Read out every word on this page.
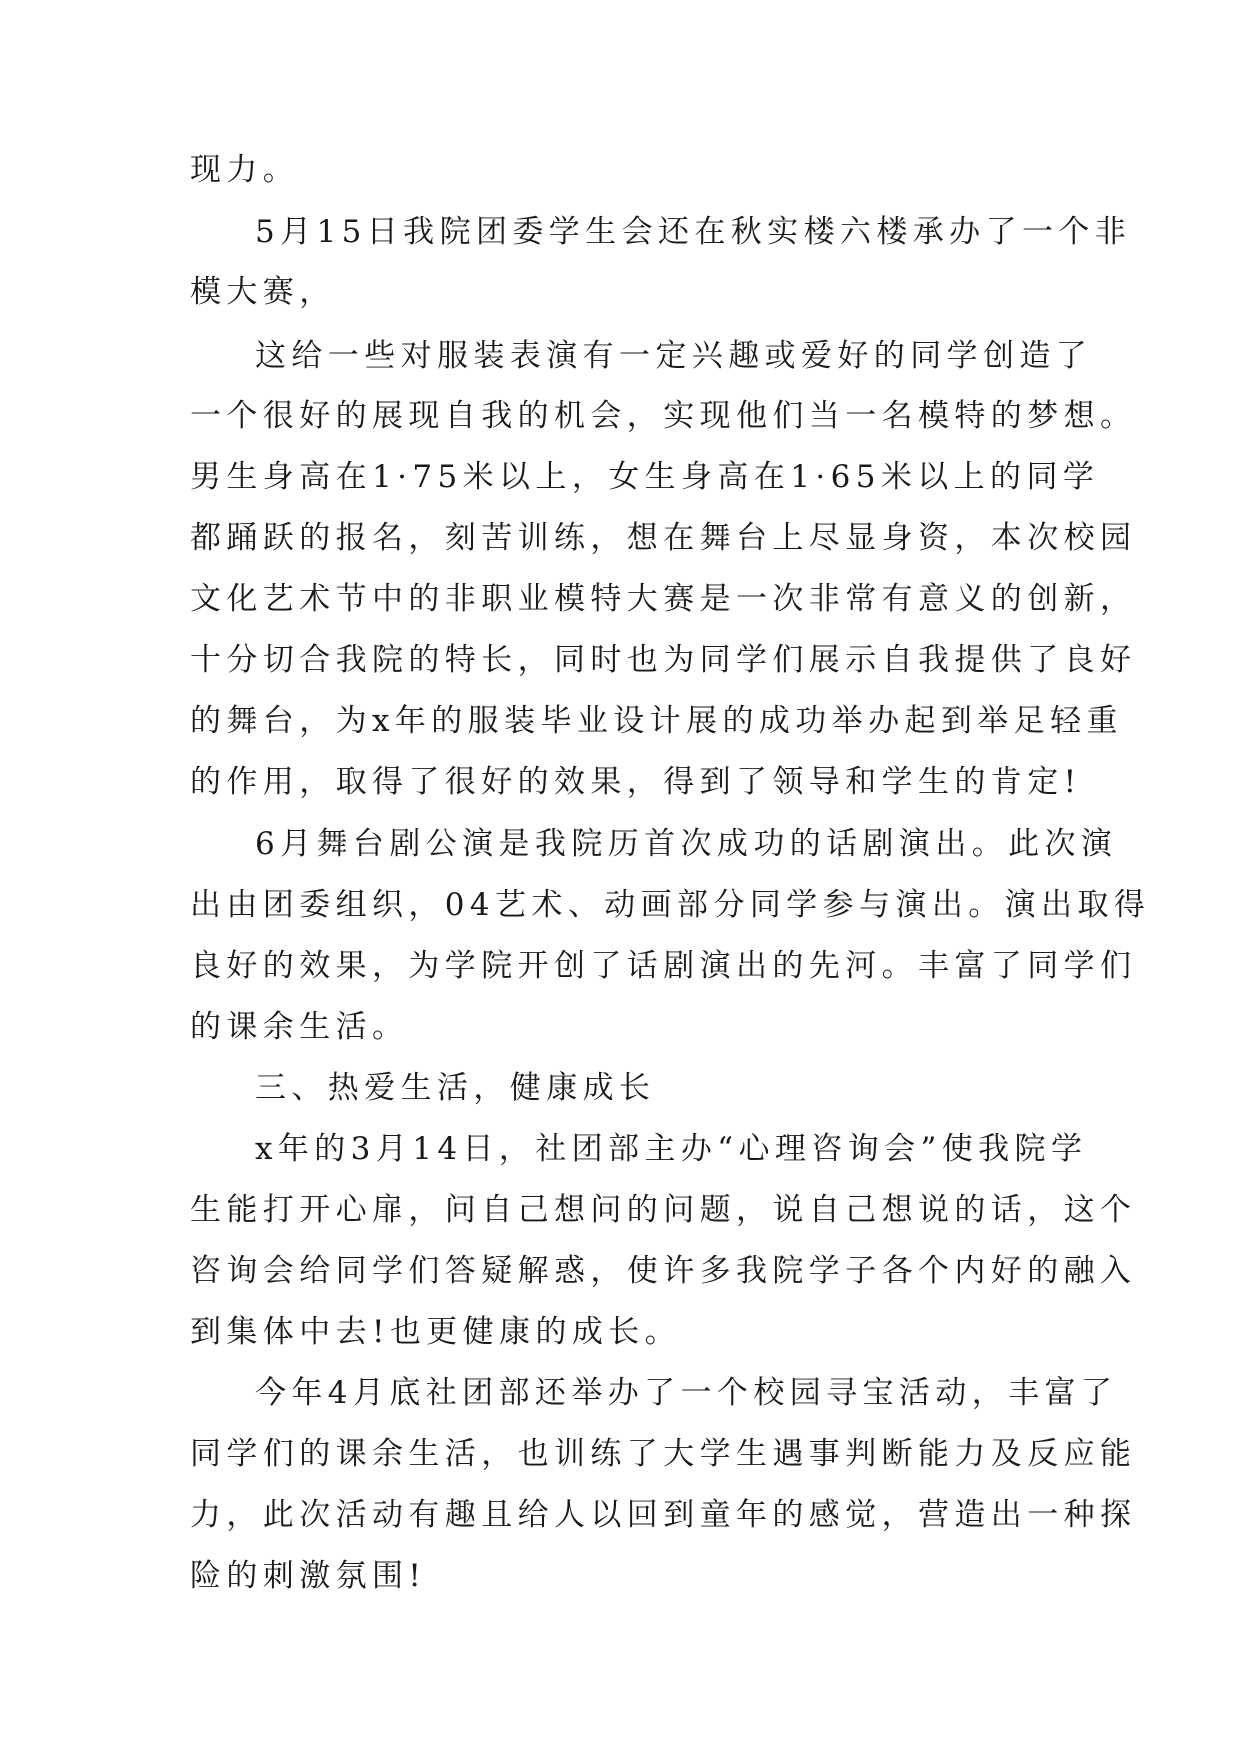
现力。
5月15日我院团委学生会还在秋实楼六楼承办了一个非
模大赛，
这给一些对服装表演有一定兴趣或爱好的同学创造了
一个很好的展现自我的机会，实现他们当一名模特的梦想。
男生身高在1·75米以上，女生身高在1·65米以上的同学
都踊跃的报名，刻苦训练，想在舞台上尽显身资，本次校园
文化艺术节中的非职业模特大赛是一次非常有意义的创新，
十分切合我院的特长，同时也为同学们展示自我提供了良好
的舞台，为x年的服装毕业设计展的成功举办起到举足轻重
的作用，取得了很好的效果，得到了领导和学生的肯定!
6月舞台剧公演是我院历首次成功的话剧演出。此次演
出由团委组织，04艺术、动画部分同学参与演出。演出取得
良好的效果，为学院开创了话剧演出的先河。丰富了同学们
的课余生活。
三、热爱生活，健康成长
x年的3月14日，社团部主办“心理咨询会”使我院学
生能打开心扉，问自己想问的问题，说自己想说的话，这个
咨询会给同学们答疑解惑，使许多我院学子各个内好的融入
到集体中去!也更健康的成长。
今年4月底社团部还举办了一个校园寻宝活动，丰富了
同学们的课余生活，也训练了大学生遇事判断能力及反应能
力，此次活动有趣且给人以回到童年的感觉，营造出一种探
险的刺激氛围!
